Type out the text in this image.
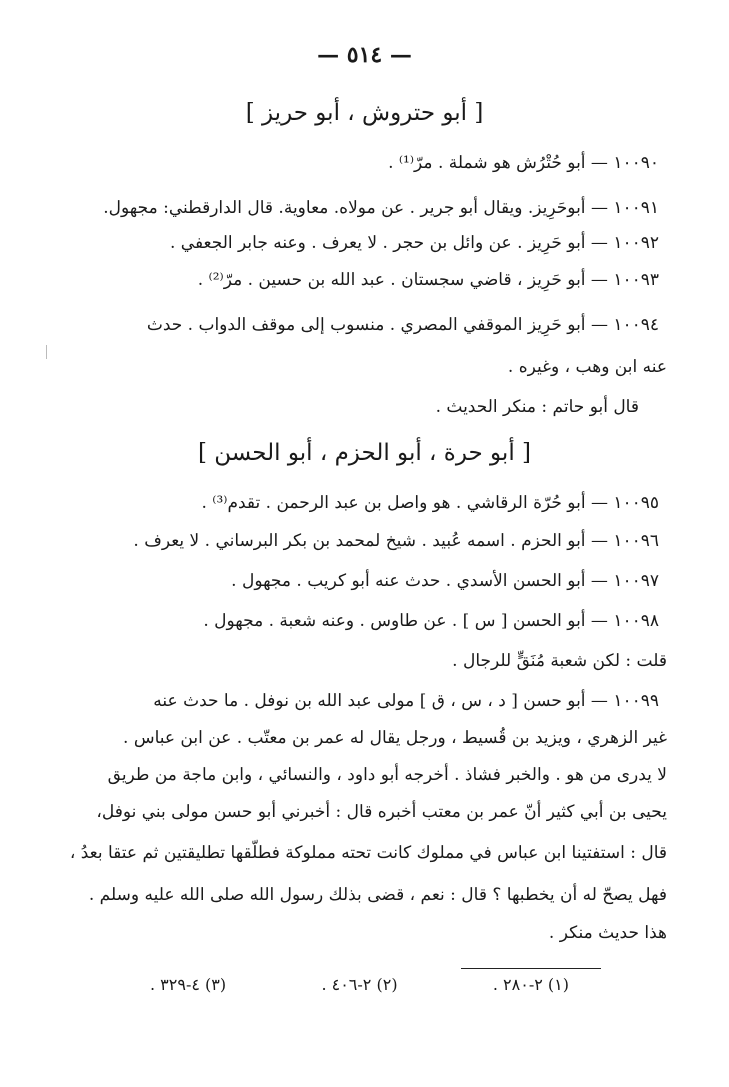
— ٥١٤ —
[ أبو حتروش ، أبو حريز ]
١٠٠٩٠ — أبو حُتْرُش هو شملة . مرّ⁽¹⁾ .
١٠٠٩١ — أبوحَرِيز. ويقال أبو جرير . عن مولاه. معاوية. قال الدارقطني: مجهول.
١٠٠٩٢ — أبو حَرِيز . عن وائل بن حجر . لا يعرف . وعنه جابر الجعفي .
١٠٠٩٣ — أبو حَرِيز ، قاضي سجستان . عبد الله بن حسين . مرّ⁽²⁾ .
١٠٠٩٤ — أبو حَرِيز الموقفي المصري . منسوب إلى موقف الدواب . حدث
عنه ابن وهب ، وغيره .
قال أبو حاتم : منكر الحديث .
[ أبو حرة ، أبو الحزم ، أبو الحسن ]
١٠٠٩٥ — أبو حُرّة الرقاشي . هو واصل بن عبد الرحمن . تقدم⁽³⁾ .
١٠٠٩٦ — أبو الحزم . اسمه عُبيد . شيخ لمحمد بن بكر البرساني . لا يعرف .
١٠٠٩٧ — أبو الحسن الأسدي . حدث عنه أبو كريب . مجهول .
١٠٠٩٨ — أبو الحسن [ س ] . عن طاوس . وعنه شعبة . مجهول .
قلت : لكن شعبة مُنَقٍّ للرجال .
١٠٠٩٩ — أبو حسن [ د ، س ، ق ] مولى عبد الله بن نوفل . ما حدث عنه
غير الزهري ، ويزيد بن قُسيط ، ورجل يقال له عمر بن معتّب . عن ابن عباس .
لا يدرى من هو . والخبر فشاذ . أخرجه أبو داود ، والنسائي ، وابن ماجة من طريق
يحيى بن أبي كثير أنّ عمر بن معتب أخبره قال : أخبرني أبو حسن مولى بني نوفل،
قال : استفتينا ابن عباس في مملوك كانت تحته مملوكة فطلّقها تطليقتين ثم عتقا بعدُ ،
فهل يصحّ له أن يخطبها ؟ قال : نعم ، قضى بذلك رسول الله صلى الله عليه وسلم .
هذا حديث منكر .
(١) ٢-٢٨٠ .
(٢) ٢-٤٠٦ .
(٣) ٤-٣٢٩ .
